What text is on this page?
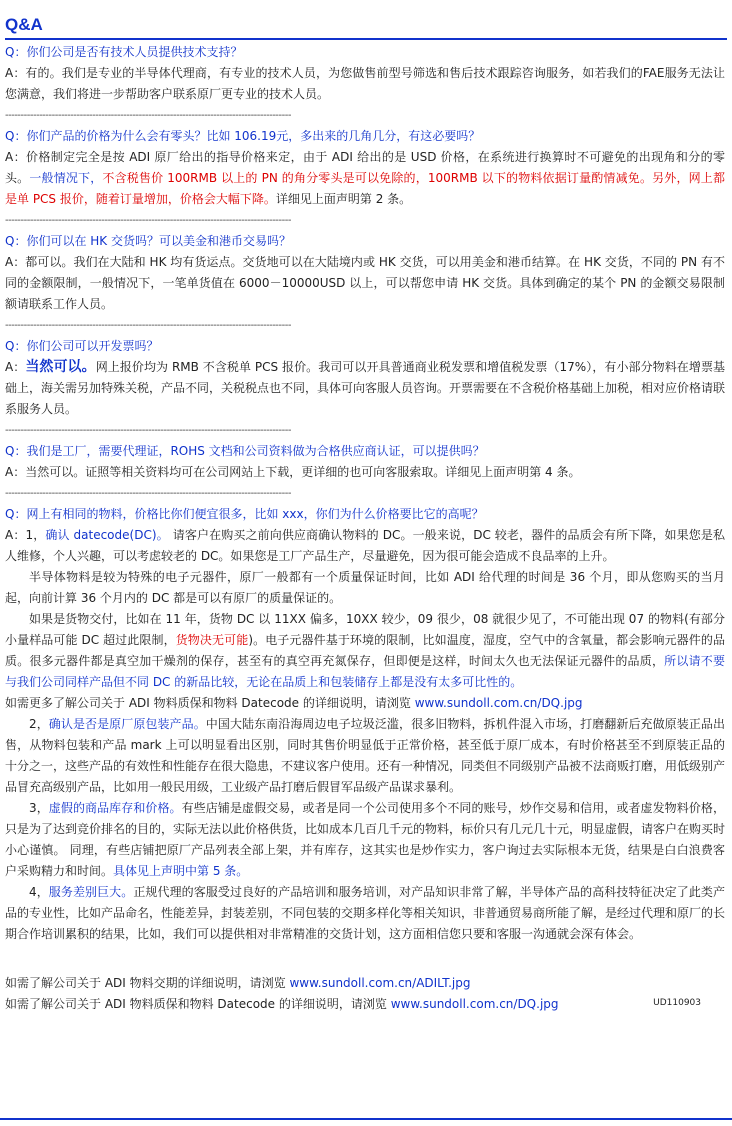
Q&A

Q：你们公司是否有技术人员提供技术支持？

A：有的。我们是专业的半导体代理商，有专业的技术人员，为您做售前型号筛选和售后技术跟踪咨询服务，如若我们的FAE服务无法让您满意，我们将进一步帮助客户联系原厂更专业的技术人员。

--------------------------------------------------------------------------------------------

Q：你们产品的价格为什么会有零头？比如 106.19元，多出来的几角几分，有这必要吗？

A：价格制定完全是按 ADI 原厂给出的指导价格来定，由于 ADI 给出的是 USD 价格，在系统进行换算时不可避免的出现角和分的零头。一般情况下，不含税售价 100RMB 以上的 PN 的角分零头是可以免除的，100RMB 以下的物料依据订量酌情减免。另外，网上都是单 PCS 报价，随着订量增加，价格会大幅下降。详细见上面声明第 2 条。

--------------------------------------------------------------------------------------------

Q：你们可以在 HK 交货吗？可以美金和港币交易吗？

A：都可以。我们在大陆和 HK 均有货运点。交货地可以在大陆境内或 HK 交货，可以用美金和港币结算。在 HK 交货，不同的 PN 有不同的金额限制，一般情况下，一笔单货值在 6000－10000USD 以上，可以帮您申请 HK 交货。具体到确定的某个 PN 的金额交易限制额请联系工作人员。

--------------------------------------------------------------------------------------------

Q：你们公司可以开发票吗？

A：当然可以。网上报价均为 RMB 不含税单 PCS 报价。我司可以开具普通商业税发票和增值税发票（17%），有小部分物料在增票基础上，海关需另加特殊关税，产品不同，关税税点也不同，具体可向客服人员咨询。开票需要在不含税价格基础上加税，相对应价格请联系服务人员。

--------------------------------------------------------------------------------------------

Q：我们是工厂，需要代理证，ROHS 文档和公司资料做为合格供应商认证，可以提供吗？

A：当然可以。证照等相关资料均可在公司网站上下载，更详细的也可向客服索取。详细见上面声明第 4 条。

--------------------------------------------------------------------------------------------

Q：网上有相同的物料，价格比你们便宜很多，比如 xxx，你们为什么价格要比它的高呢？

A：1，确认 datecode(DC)。 请客户在购买之前向供应商确认物料的 DC。一般来说，DC 较老，器件的品质会有所下降，如果您是私人维修，个人兴趣，可以考虑较老的 DC。如果您是工厂产品生产，尽量避免，因为很可能会造成不良品率的上升。

半导体物料是较为特殊的电子元器件，原厂一般都有一个质量保证时间，比如 ADI 给代理的时间是 36 个月，即从您购买的当月起，向前计算 36 个月内的 DC 都是可以有原厂的质量保证的。

如果是货物交付，比如在 11 年，货物 DC 以 11XX 偏多，10XX 较少，09 很少，08 就很少见了，不可能出现 07 的物料(有部分小量样品可能 DC 超过此限制，货物决无可能)。电子元器件基于环境的限制，比如温度，湿度，空气中的含氧量，都会影响元器件的品质。很多元器件都是真空加干燥剂的保存，甚至有的真空再充氮保存，但即便是这样，时间太久也无法保证元器件的品质，所以请不要与我们公司同样产品但不同 DC 的新品比较，无论在品质上和包装储存上都是没有太多可比性的。

如需更多了解公司关于 ADI 物料质保和物料 Datecode 的详细说明，请浏览 www.sundoll.com.cn/DQ.jpg

2，确认是否是原厂原包装产品。中国大陆东南沿海周边电子垃圾泛滥，很多旧物料，拆机件混入市场，打磨翻新后充做原装正品出售，从物料包装和产品 mark 上可以明显看出区别，同时其售价明显低于正常价格，甚至低于原厂成本，有时价格甚至不到原装正品的十分之一，这些产品的有效性和性能存在很大隐患，不建议客户使用。还有一种情况，同类但不同级别产品被不法商贩打磨，用低级别产品冒充高级别产品，比如用一般民用级，工业级产品打磨后假冒军品级产品谋求暴利。

3，虚假的商品库存和价格。有些店铺是虚假交易，或者是同一个公司使用多个不同的账号，炒作交易和信用，或者虚发物料价格，只是为了达到竞价排名的目的，实际无法以此价格供货，比如成本几百几千元的物料，标价只有几元几十元，明显虚假，请客户在购买时小心谨慎。 同理，有些店铺把原厂产品列表全部上架，并有库存，这其实也是炒作实力，客户询过去实际根本无货，结果是白白浪费客户采购精力和时间。具体见上声明中第 5 条。

4，服务差别巨大。正规代理的客服受过良好的产品培训和服务培训，对产品知识非常了解，半导体产品的高科技特征决定了此类产品的专业性，比如产品命名，性能差异，封装差别，不同包装的交期多样化等相关知识，非普通贸易商所能了解，是经过代理和原厂的长期合作培训累积的结果，比如，我们可以提供相对非常精准的交货计划，这方面相信您只要和客服一沟通就会深有体会。

如需了解公司关于 ADI 物料交期的详细说明，请浏览 www.sundoll.com.cn/ADILT.jpg

如需了解公司关于 ADI 物料质保和物料 Datecode 的详细说明，请浏览 www.sundoll.com.cn/DQ.jpg	UD110903
